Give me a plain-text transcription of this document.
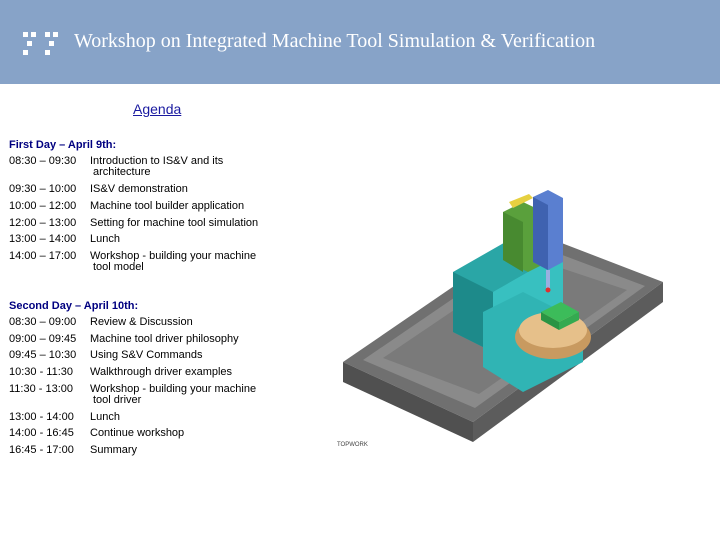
Workshop on Integrated Machine Tool Simulation & Verification
Agenda
First Day – April 9th:
08:30 – 09:30 Introduction to IS&V and its
architecture
09:30 – 10:00 IS&V demonstration
10:00 – 12:00 Machine tool builder application
12:00 – 13:00 Setting for machine tool simulation
13:00 – 14:00 Lunch
14:00 – 17:00 Workshop - building your machine
tool model
Second Day – April 10th:
08:30 – 09:00 Review & Discussion
09:00 – 09:45 Machine tool driver philosophy
09:45 – 10:30 Using S&V Commands
10:30 - 11:30 Walkthrough driver examples
11:30 - 13:00 Workshop - building your machine
tool driver
13:00 - 14:00 Lunch
14:00 - 16:45 Continue workshop
16:45 - 17:00 Summary	TOPWORK
